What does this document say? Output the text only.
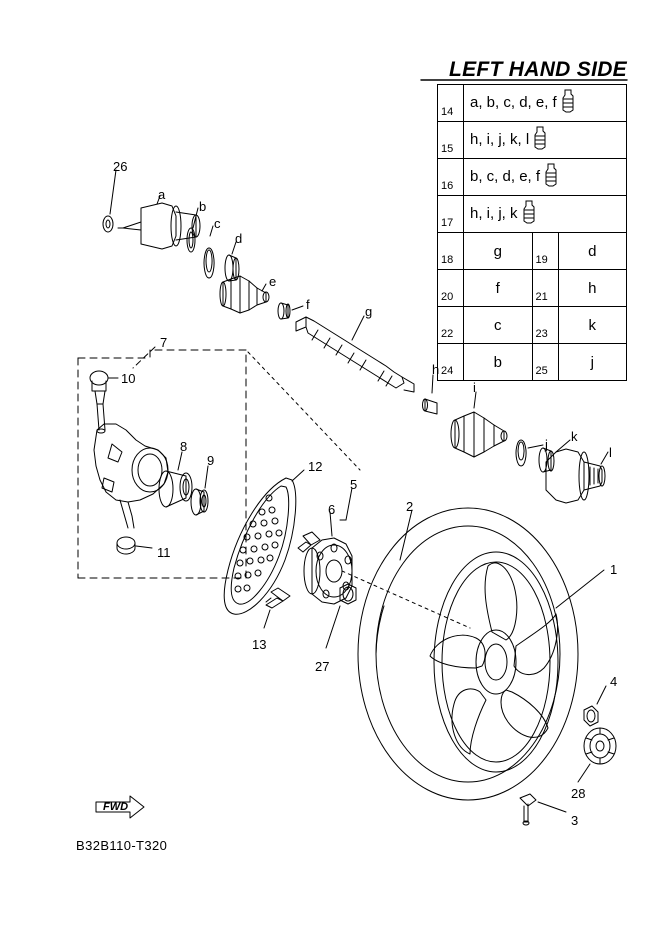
LEFT HAND SIDE
14	a, b, c, d, e, f		
15	h, i, j, k, l		
16	b, c, d, e, f		
17	h, i, j, k		
18	g	19	d
20	f	21	h
22	c	23	k
24	b	25	j
26
a
b
c
d
e
f	g
h
i
j
k
l
7
10
8
9
11
12
13
5
6
27
2
1
4
28
3
FWD
B32B110-T320
